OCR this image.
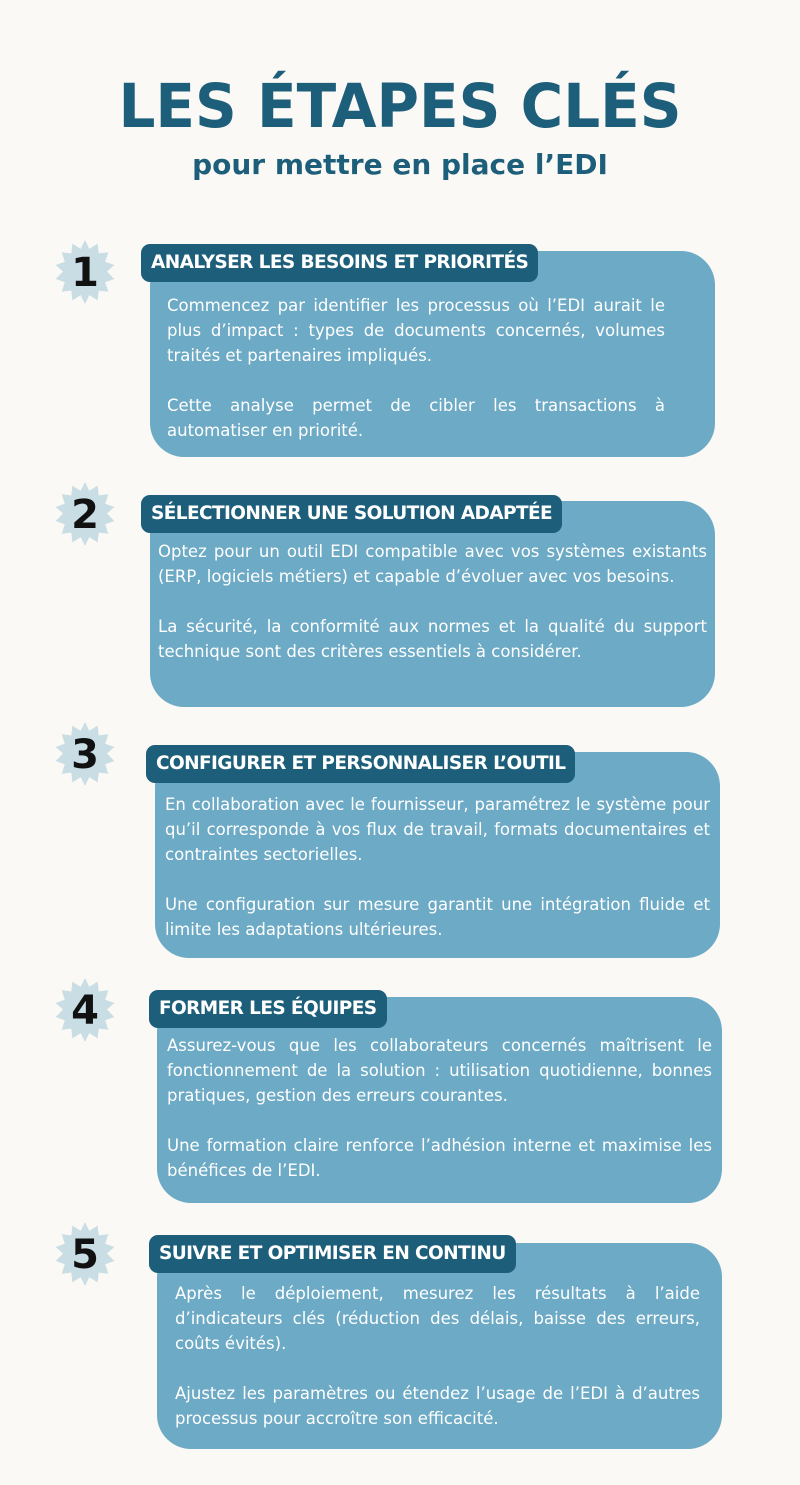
LES ÉTAPES CLÉS
pour mettre en place l’EDI

Commencez par identifier les processus où l’EDI aurait le plus d’impact : types de documents concernés, volumes traités et partenaires impliqués.

Cette analyse permet de cibler les transactions à automatiser en priorité.

ANALYSER LES BESOINS ET PRIORITÉS
1

Optez pour un outil EDI compatible avec vos systèmes existants (ERP, logiciels métiers) et capable d’évoluer avec vos besoins.

La sécurité, la conformité aux normes et la qualité du support technique sont des critères essentiels à considérer.

SÉLECTIONNER UNE SOLUTION ADAPTÉE
2

En collaboration avec le fournisseur, paramétrez le système pour qu’il corresponde à vos flux de travail, formats documentaires et contraintes sectorielles.

Une configuration sur mesure garantit une intégration fluide et limite les adaptations ultérieures.

CONFIGURER ET PERSONNALISER L’OUTIL
3

Assurez-vous que les collaborateurs concernés maîtrisent le fonctionnement de la solution : utilisation quotidienne, bonnes pratiques, gestion des erreurs courantes.

Une formation claire renforce l’adhésion interne et maximise les bénéfices de l’EDI.

FORMER LES ÉQUIPES
4

Après le déploiement, mesurez les résultats à l’aide d’indicateurs clés (réduction des délais, baisse des erreurs, coûts évités).

Ajustez les paramètres ou étendez l’usage de l’EDI à d’autres processus pour accroître son efficacité.

SUIVRE ET OPTIMISER EN CONTINU
5
